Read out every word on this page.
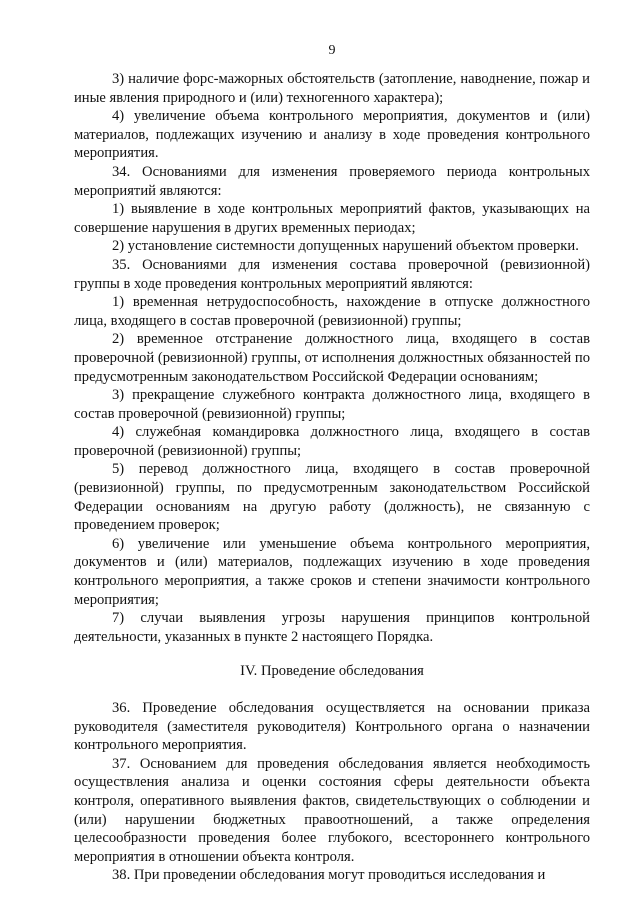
9

3) наличие форс-мажорных обстоятельств (затопление, наводнение, пожар и иные явления природного и (или) техногенного характера);

4) увеличение объема контрольного мероприятия, документов и (или) материалов, подлежащих изучению и анализу в ходе проведения контрольного мероприятия.

34. Основаниями для изменения проверяемого периода контрольных мероприятий являются:

1) выявление в ходе контрольных мероприятий фактов, указывающих на совершение нарушения в других временных периодах;

2) установление системности допущенных нарушений объектом проверки.

35. Основаниями для изменения состава проверочной (ревизионной) группы в ходе проведения контрольных мероприятий являются:

1) временная нетрудоспособность, нахождение в отпуске должностного лица, входящего в состав проверочной (ревизионной) группы;

2) временное отстранение должностного лица, входящего в состав проверочной (ревизионной) группы, от исполнения должностных обязанностей по предусмотренным законодательством Российской Федерации основаниям;

3) прекращение служебного контракта должностного лица, входящего в состав проверочной (ревизионной) группы;

4) служебная командировка должностного лица, входящего в состав проверочной (ревизионной) группы;

5) перевод должностного лица, входящего в состав проверочной (ревизионной) группы, по предусмотренным законодательством Российской Федерации основаниям на другую работу (должность), не связанную с проведением проверок;

6) увеличение или уменьшение объема контрольного мероприятия, документов и (или) материалов, подлежащих изучению в ходе проведения контрольного мероприятия, а также сроков и степени значимости контрольного мероприятия;

7) случаи выявления угрозы нарушения принципов контрольной деятельности, указанных в пункте 2 настоящего Порядка.

IV. Проведение обследования

36. Проведение обследования осуществляется на основании приказа руководителя (заместителя руководителя) Контрольного органа о назначении контрольного мероприятия.

37. Основанием для проведения обследования является необходимость осуществления анализа и оценки состояния сферы деятельности объекта контроля, оперативного выявления фактов, свидетельствующих о соблюдении и (или) нарушении бюджетных правоотношений, а также определения целесообразности проведения более глубокого, всестороннего контрольного мероприятия в отношении объекта контроля.

38. При проведении обследования могут проводиться исследования и
